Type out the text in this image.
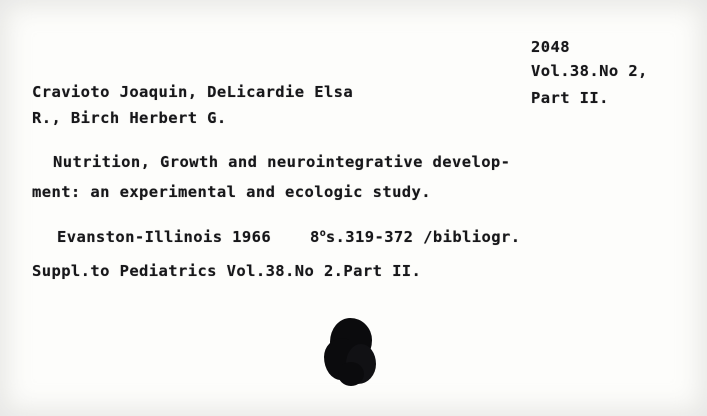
2048
Vol.38.No 2,
Part II.
Cravioto Joaquin, DeLicardie Elsa
R., Birch Herbert G.
Nutrition, Growth and neurointegrative develop-
ment: an experimental and ecologic study.
Evanston-Illinois 1966	8$^o$s.319-372 /bibliogr.
Suppl.to Pediatrics Vol.38.No 2.Part II.
